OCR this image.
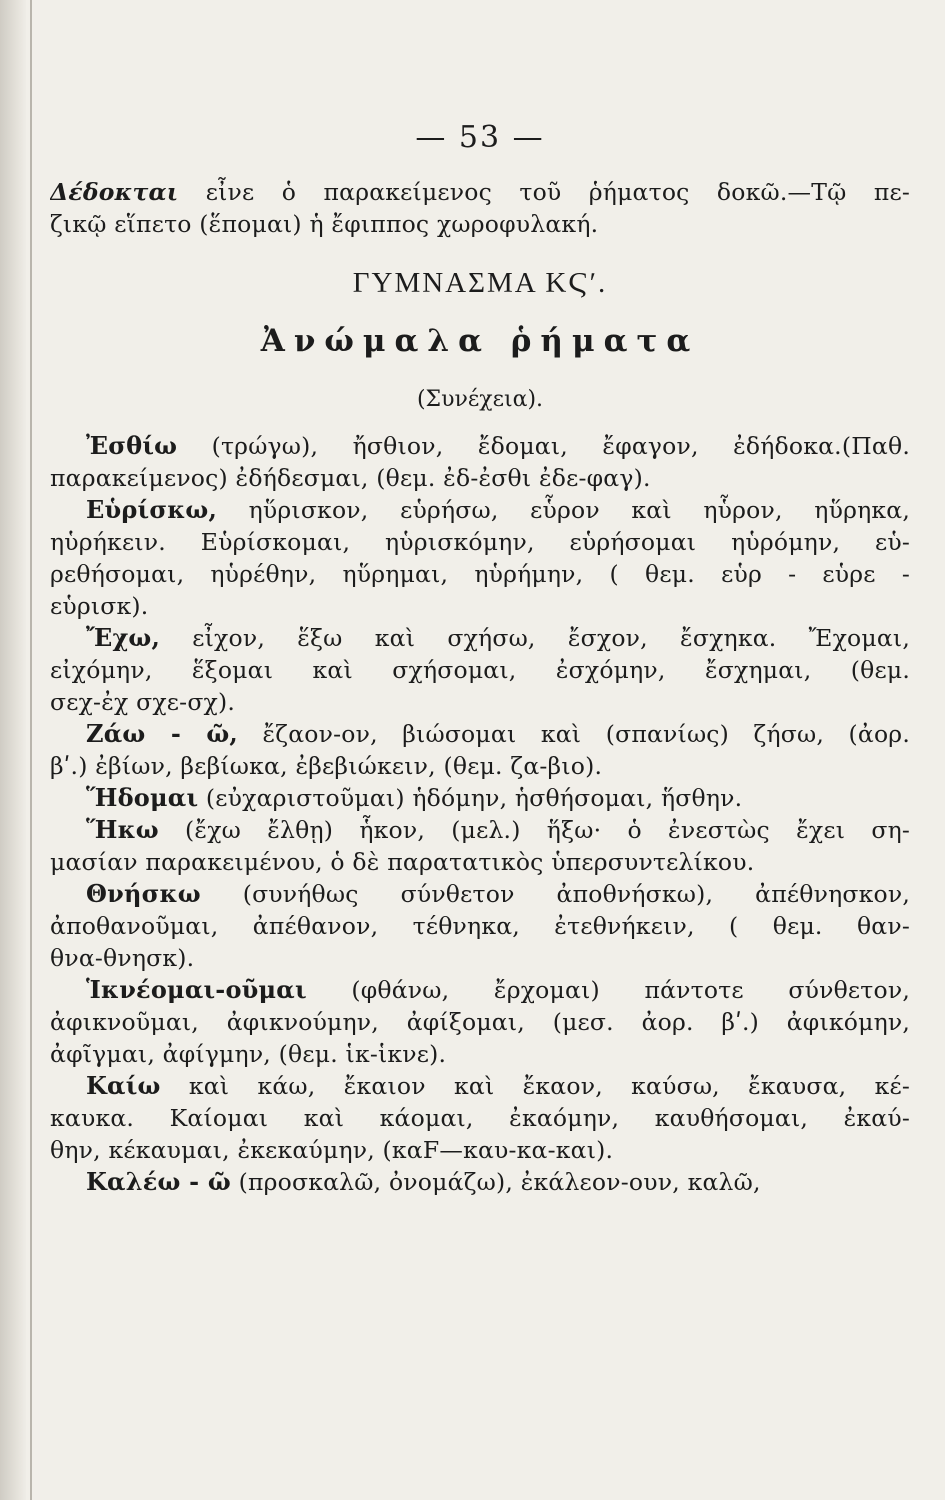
— 53 —
Δέδοκται εἶνε ὁ παρακείμενος τοῦ ῥήματος δοκῶ.—Τῷ πε-
ζικῷ εἵπετο (ἕπομαι) ἡ ἔφιππος χωροφυλακή.
ΓΥΜΝΑΣΜΑ ΚϚʹ.
Ἀνώμαλα ῥήματα
(Συνέχεια).
Ἐσθίω (τρώγω), ἤσθιον, ἔδομαι, ἔφαγον, ἐδήδοκα.(Παθ.
παρακείμενος) ἐδήδεσμαι, (θεμ. ἐδ-ἐσθι ἐδε-φαγ).
Εὑρίσκω, ηὕρισκον, εὑρήσω, εὗρον καὶ ηὗρον, ηὕρηκα,
ηὑρήκειν. Εὑρίσκομαι, ηὑρισκόμην, εὑρήσομαι ηὑρόμην, εὑ-
ρεθήσομαι, ηὑρέθην, ηὕρημαι, ηὑρήμην, ( θεμ. εὑρ - εὑρε -
εὑρισκ).
Ἔχω, εἶχον, ἕξω καὶ σχήσω, ἔσχον, ἔσχηκα. Ἔχομαι,
εἰχόμην, ἕξομαι καὶ σχήσομαι, ἐσχόμην, ἔσχημαι, (θεμ.
σεχ-ἐχ σχε-σχ).
Ζάω - ῶ, ἔζαον-ον, βιώσομαι καὶ (σπανίως) ζήσω, (ἀορ.
βʹ.) ἐβίων, βεβίωκα, ἐβεβιώκειν, (θεμ. ζα-βιο).
Ἥδομαι (εὐχαριστοῦμαι) ἡδόμην, ἡσθήσομαι, ἥσθην.
Ἥκω (ἔχω ἔλθῃ) ἧκον, (μελ.) ἥξω· ὁ ἐνεστὼς ἔχει ση-
μασίαν παρακειμένου, ὁ δὲ παρατατικὸς ὑπερσυντελίκου.
Θνήσκω (συνήθως σύνθετον ἀποθνήσκω), ἀπέθνησκον,
ἀποθανοῦμαι, ἀπέθανον, τέθνηκα, ἐτεθνήκειν, ( θεμ. θαν-
θνα-θνησκ).
Ἱκνέομαι-οῦμαι (φθάνω, ἔρχομαι) πάντοτε σύνθετον,
ἀφικνοῦμαι, ἀφικνούμην, ἀφίξομαι, (μεσ. ἀορ. βʹ.) ἀφικόμην,
ἀφῖγμαι, ἀφίγμην, (θεμ. ἱκ-ἱκνε).
Καίω καὶ κάω, ἔκαιον καὶ ἔκαον, καύσω, ἔκαυσα, κέ-
καυκα. Καίομαι καὶ κάομαι, ἐκαόμην, καυθήσομαι, ἐκαύ-
θην, κέκαυμαι, ἐκεκαύμην, (καF—καυ-κα-και).
Καλέω - ῶ (προσκαλῶ, ὀνομάζω), ἐκάλεον-ουν, καλῶ,
